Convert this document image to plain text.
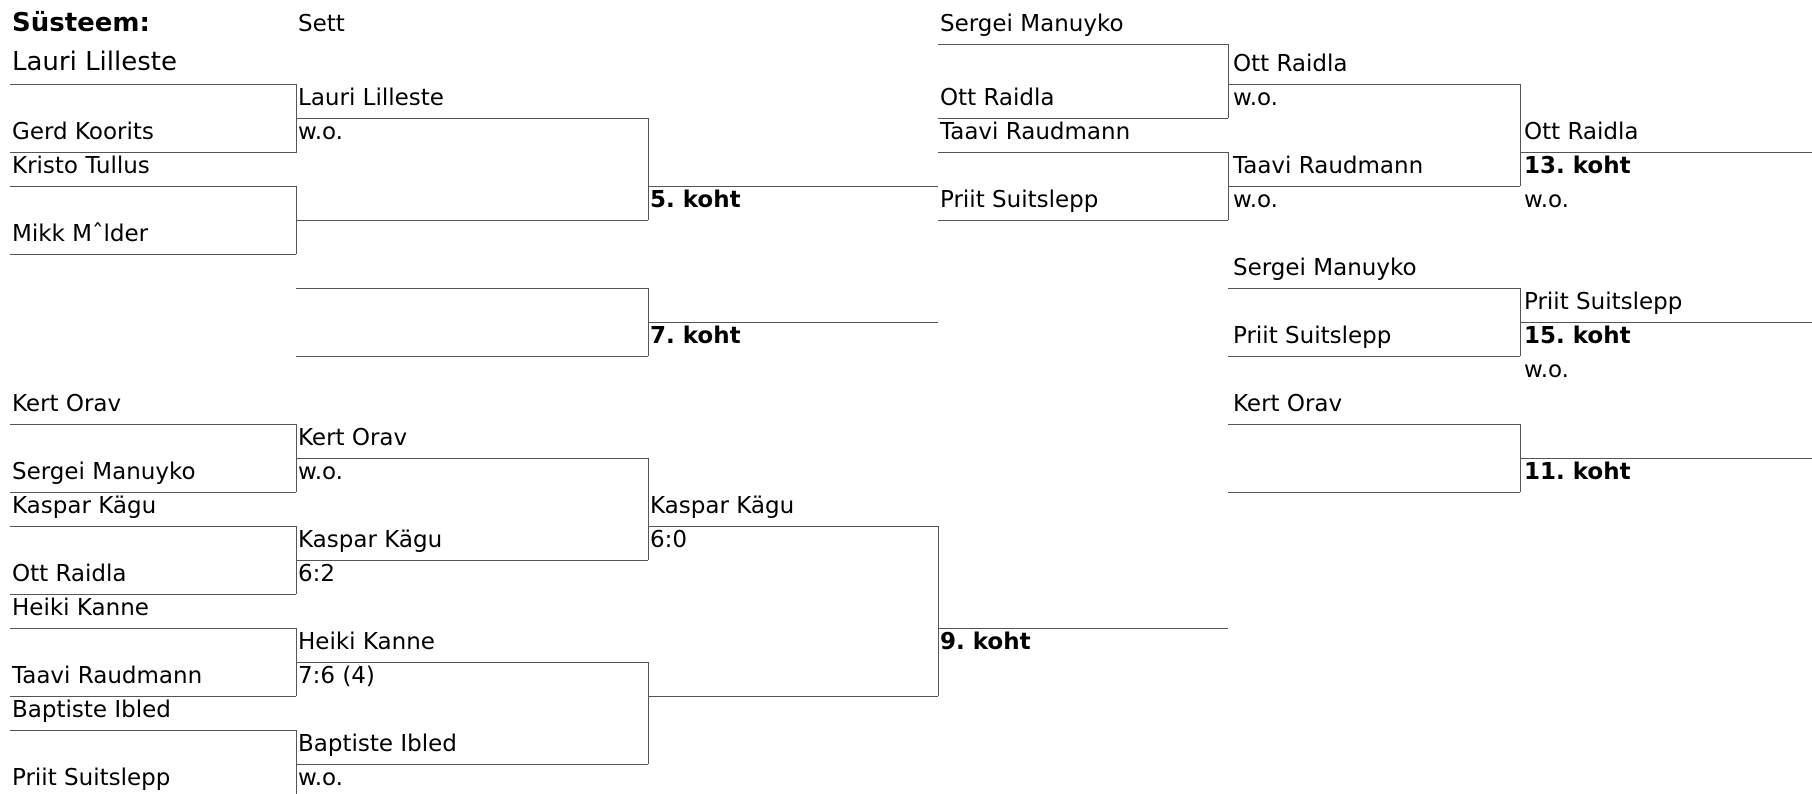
Süsteem:
Lauri Lilleste
Sett
Gerd Koorits
Kristo Tullus
Mikk Mˆlder
Lauri Lilleste
w.o.
5. koht
7. koht
Kert Orav
Sergei Manuyko
Kaspar Kägu
Ott Raidla
Heiki Kanne
Taavi Raudmann
Baptiste Ibled
Priit Suitslepp
Kert Orav
w.o.
Kaspar Kägu
6:2
Heiki Kanne
7:6 (4)
Baptiste Ibled
w.o.
Kaspar Kägu
6:0
9. koht
Sergei Manuyko
Ott Raidla
Taavi Raudmann
Priit Suitslepp
Ott Raidla
w.o.
Taavi Raudmann
w.o.
Ott Raidla
13. koht
w.o.
Sergei Manuyko
Priit Suitslepp
Priit Suitslepp
15. koht
w.o.
Kert Orav
11. koht
